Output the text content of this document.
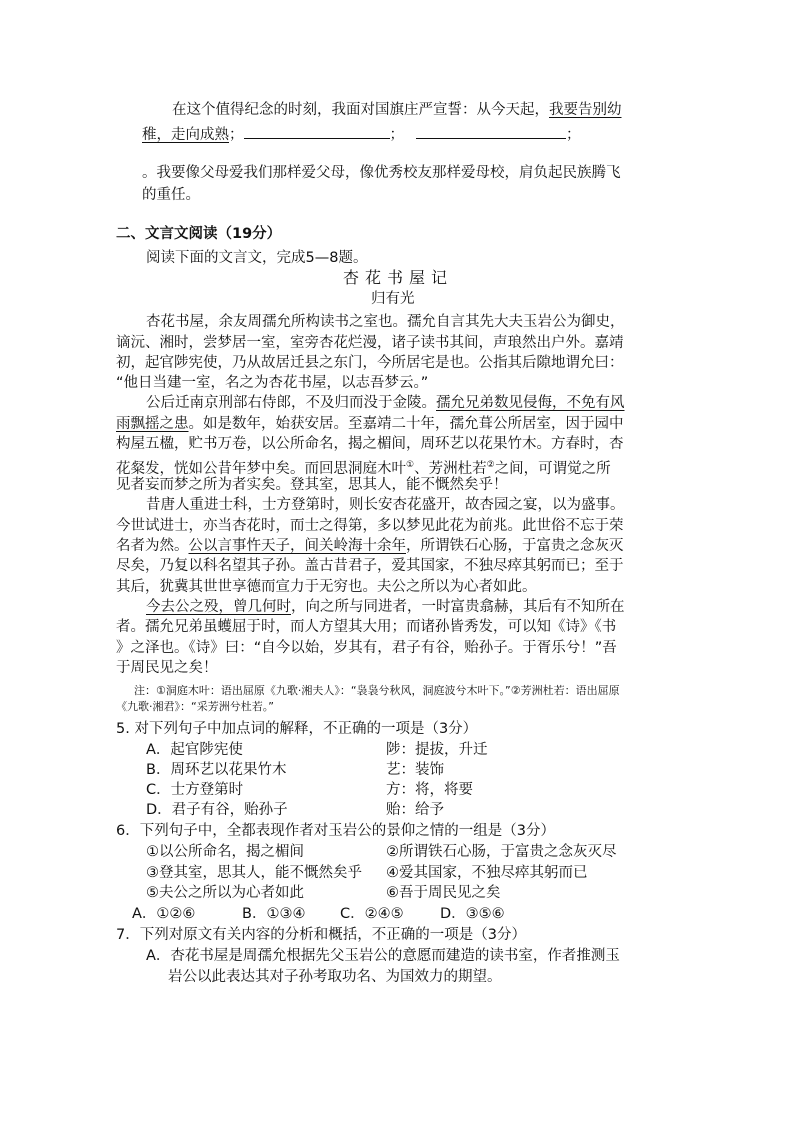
在这个值得纪念的时刻，我面对国旗庄严宣誓：从今天起，我要告别幼
稚，走向成熟；	；	；
。我要像父母爱我们那样爱父母，像优秀校友那样爱母校，肩负起民族腾飞
的重任。
二、文言文阅读（19分）
阅读下面的文言文，完成5—8题。
杏花书屋记
归有光
杏花书屋，余友周孺允所构读书之室也。孺允自言其先大夫玉岩公为御史，
谪沅、湘时，尝梦居一室，室旁杏花烂漫，诸子读书其间，声琅然出户外。嘉靖
初，起官陟宪使，乃从故居迁县之东门，今所居宅是也。公指其后隙地谓允曰：
“他日当建一室，名之为杏花书屋，以志吾梦云。”
公后迁南京刑部右侍郎，不及归而没于金陵。孺允兄弟数见侵侮，不免有风
雨飘摇之患。如是数年，始获安居。至嘉靖二十年，孺允葺公所居室，因于园中
构屋五楹，贮书万卷，以公所命名，揭之楣间，周环艺以花果竹木。方春时，杏
花粲发，恍如公昔年梦中矣。而回思洞庭木叶①、芳洲杜若②之间，可谓觉之所
见者妄而梦之所为者实矣。登其室，思其人，能不慨然矣乎！
昔唐人重进士科，士方登第时，则长安杏花盛开，故杏园之宴，以为盛事。
今世试进士，亦当杏花时，而士之得第，多以梦见此花为前兆。此世俗不忘于荣
名者为然。公以言事忤天子，间关岭海十余年，所谓铁石心肠，于富贵之念灰灭
尽矣，乃复以科名望其子孙。盖古昔君子，爱其国家，不独尽瘁其躬而已；至于
其后，犹冀其世世享德而宣力于无穷也。夫公之所以为心者如此。
今去公之殁，曾几何时，向之所与同进者，一时富贵翕赫，其后有不知所在
者。孺允兄弟虽蠖屈于时，而人方望其大用；而诸孙皆秀发，可以知《诗》《书
》之泽也。《诗》曰：“自今以始，岁其有，君子有谷，贻孙子。于胥乐兮！”吾
于周民见之矣！
注：①洞庭木叶：语出屈原《九歌·湘夫人》：“袅袅兮秋风，洞庭波兮木叶下。”②芳洲杜若：语出屈原
《九歌·湘君》：“采芳洲兮杜若。”
5. 对下列句子中加点词的解释，不正确的一项是（3分）
A．起官陟宪使	陟：提拔，升迁
B．周环艺以花果竹木	艺：装饰
C．士方登第时	方：将，将要
D．君子有谷，贻孙子	贻：给予
6．下列句子中，全都表现作者对玉岩公的景仰之情的一组是（3分）
①以公所命名，揭之楣间	②所谓铁石心肠，于富贵之念灰灭尽
③登其室，思其人，能不慨然矣乎 ④爱其国家，不独尽瘁其躬而已
⑤夫公之所以为心者如此	⑥吾于周民见之矣
A．①②⑥	B．①③④ C．②④⑤	D．③⑤⑥
7．下列对原文有关内容的分析和概括，不正确的一项是（3分）
A．杏花书屋是周孺允根据先父玉岩公的意愿而建造的读书室，作者推测玉
岩公以此表达其对子孙考取功名、为国效力的期望。
